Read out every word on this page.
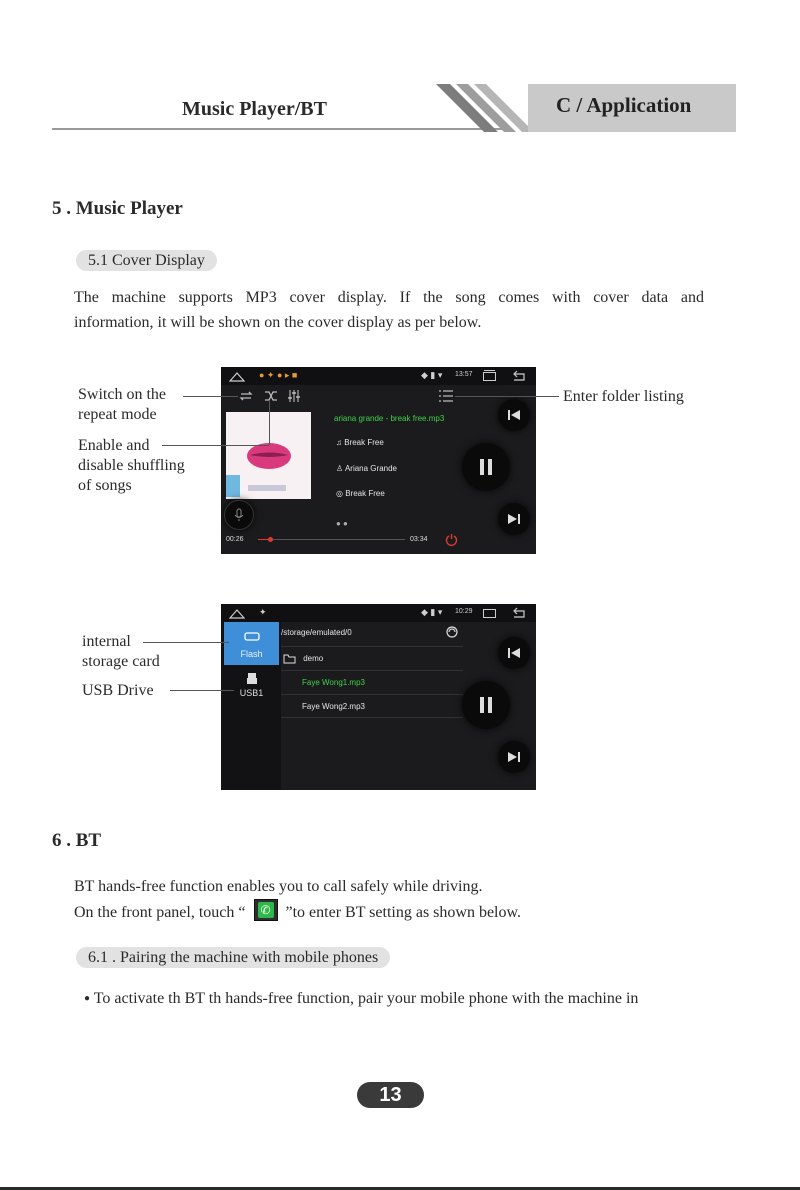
Music Player/BT	C / Application
5 . Music Player
5.1 Cover Display
The machine supports MP3 cover display. If the song comes with cover data and
information, it will be shown on the cover display as per below.
● ✦ ● ▸ ■	◆ ▮ ▾ 13:57
ariana grande - break free.mp3
♫ Break Free
♙ Ariana Grande
◎ Break Free
● ●
00:26	03:34
Switch on the
repeat mode
Enable and
disable shuffling
of songs
Enter folder listing
✦	◆ ▮ ▾ 10:29
Flash
USB1
/storage/emulated/0
demo
Faye Wong1.mp3
Faye Wong2.mp3
internal
storage card
USB Drive
6 . BT
BT hands-free function enables you to call safely while driving.
On the front panel, touch “ ✆ ”to enter BT setting as shown below.
6.1 . Pairing the machine with mobile phones
● To activate th BT th hands-free function, pair your mobile phone with the machine in
13
